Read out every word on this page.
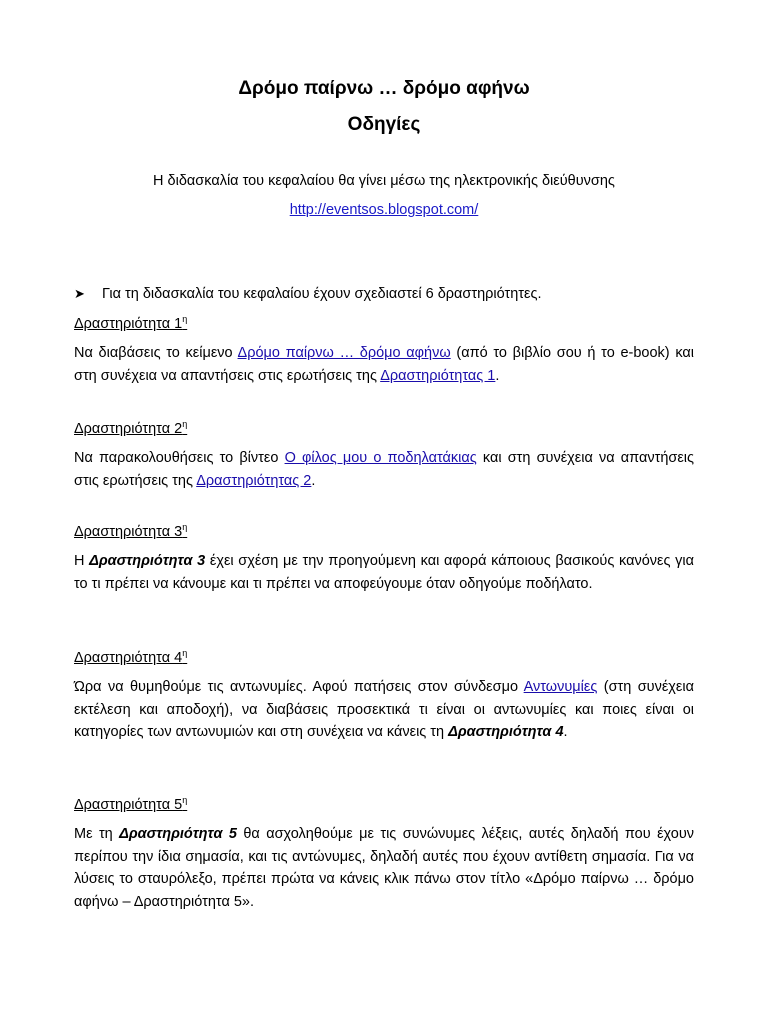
Δρόμο παίρνω … δρόμο αφήνω
Οδηγίες
Η διδασκαλία του κεφαλαίου θα γίνει μέσω της ηλεκτρονικής διεύθυνσης
http://eventsos.blogspot.com/
➤ Για τη διδασκαλία του κεφαλαίου έχουν σχεδιαστεί 6 δραστηριότητες.
Δραστηριότητα $1^\eta$
Να διαβάσεις το κείμενο Δρόμο παίρνω … δρόμο αφήνω (από το βιβλίο σου ή το e-book) και στη συνέχεια να απαντήσεις στις ερωτήσεις της Δραστηριότητας 1.
Δραστηριότητα $2^\eta$
Να παρακολουθήσεις το βίντεο Ο φίλος μου ο ποδηλατάκιας και στη συνέχεια να απαντήσεις στις ερωτήσεις της Δραστηριότητας 2.
Δραστηριότητα $3^\eta$
Η Δραστηριότητα 3 έχει σχέση με την προηγούμενη και αφορά κάποιους βασικούς κανόνες για το τι πρέπει να κάνουμε και τι πρέπει να αποφεύγουμε όταν οδηγούμε ποδήλατο.
Δραστηριότητα $4^\eta$
Ώρα να θυμηθούμε τις αντωνυμίες. Αφού πατήσεις στον σύνδεσμο Αντωνυμίες (στη συνέχεια εκτέλεση και αποδοχή), να διαβάσεις προσεκτικά τι είναι οι αντωνυμίες και ποιες είναι οι κατηγορίες των αντωνυμιών και στη συνέχεια να κάνεις τη Δραστηριότητα 4.
Δραστηριότητα $5^\eta$
Με τη Δραστηριότητα 5 θα ασχοληθούμε με τις συνώνυμες λέξεις, αυτές δηλαδή που έχουν περίπου την ίδια σημασία, και τις αντώνυμες, δηλαδή αυτές που έχουν αντίθετη σημασία. Για να λύσεις το σταυρόλεξο, πρέπει πρώτα να κάνεις κλικ πάνω στον τίτλο «Δρόμο παίρνω … δρόμο αφήνω – Δραστηριότητα 5».
